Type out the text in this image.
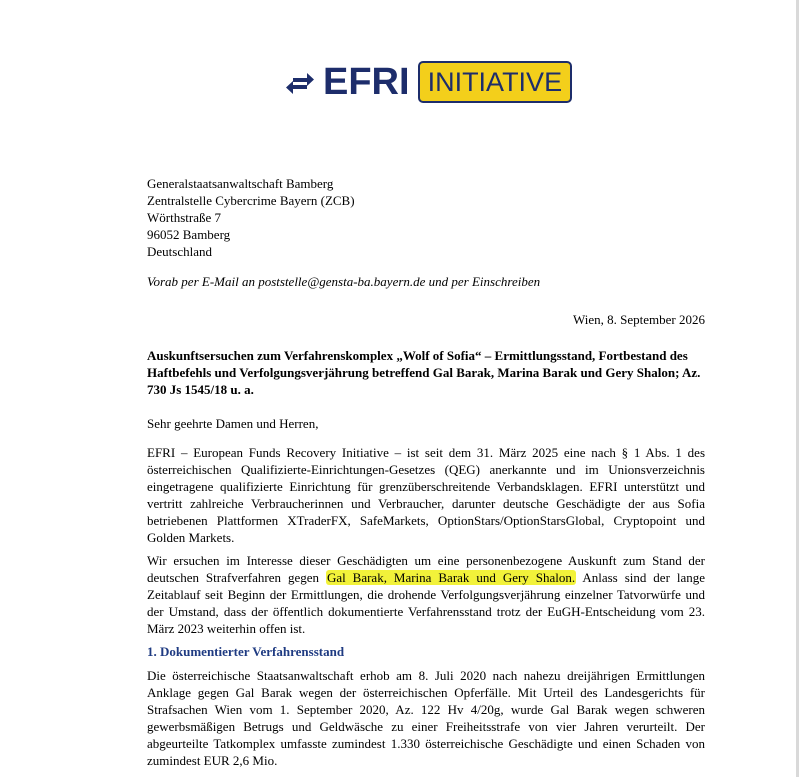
EFRI INITIATIVE
Generalstaatsanwaltschaft Bamberg
Zentralstelle Cybercrime Bayern (ZCB)
Wörthstraße 7
96052 Bamberg
Deutschland
Vorab per E-Mail an poststelle@gensta-ba.bayern.de und per Einschreiben
Wien, 8. September 2026
Auskunftsersuchen zum Verfahrenskomplex „Wolf of Sofia“ – Ermittlungsstand, Fortbestand des Haftbefehls und Verfolgungsverjährung betreffend Gal Barak, Marina Barak und Gery Shalon; Az. 730 Js 1545/18 u. a.
Sehr geehrte Damen und Herren,
EFRI – European Funds Recovery Initiative – ist seit dem 31. März 2025 eine nach § 1 Abs. 1 des österreichischen Qualifizierte-Einrichtungen-Gesetzes (QEG) anerkannte und im Unionsverzeichnis eingetragene qualifizierte Einrichtung für grenzüberschreitende Verbandsklagen. EFRI unterstützt und vertritt zahlreiche Verbraucherinnen und Verbraucher, darunter deutsche Geschädigte der aus Sofia betriebenen Plattformen XTraderFX, SafeMarkets, OptionStars/OptionStarsGlobal, Cryptopoint und Golden Markets.
Wir ersuchen im Interesse dieser Geschädigten um eine personenbezogene Auskunft zum Stand der deutschen Strafverfahren gegen Gal Barak, Marina Barak und Gery Shalon. Anlass sind der lange Zeitablauf seit Beginn der Ermittlungen, die drohende Verfolgungsverjährung einzelner Tatvorwürfe und der Umstand, dass der öffentlich dokumentierte Verfahrensstand trotz der EuGH-Entscheidung vom 23. März 2023 weiterhin offen ist.
1. Dokumentierter Verfahrensstand
Die österreichische Staatsanwaltschaft erhob am 8. Juli 2020 nach nahezu dreijährigen Ermittlungen Anklage gegen Gal Barak wegen der österreichischen Opferfälle. Mit Urteil des Landesgerichts für Strafsachen Wien vom 1. September 2020, Az. 122 Hv 4/20g, wurde Gal Barak wegen schweren gewerbsmäßigen Betrugs und Geldwäsche zu einer Freiheitsstrafe von vier Jahren verurteilt. Der abgeurteilte Tatkomplex umfasste zumindest 1.330 österreichische Geschädigte und einen Schaden von zumindest EUR 2,6 Mio.
